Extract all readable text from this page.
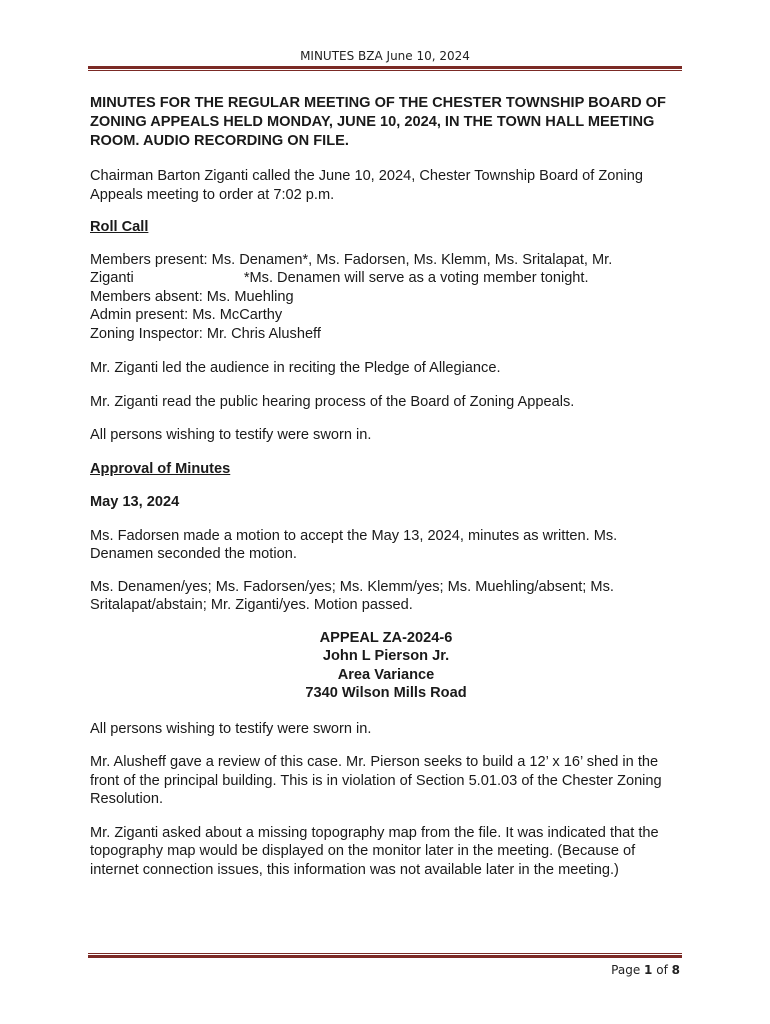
MINUTES BZA June 10, 2024

MINUTES FOR THE REGULAR MEETING OF THE CHESTER TOWNSHIP BOARD OF ZONING APPEALS HELD MONDAY, JUNE 10, 2024, IN THE TOWN HALL MEETING ROOM. AUDIO RECORDING ON FILE.

Chairman Barton Ziganti called the June 10, 2024, Chester Township Board of Zoning Appeals meeting to order at 7:02 p.m.

Roll Call

Members present: Ms. Denamen*, Ms. Fadorsen, Ms. Klemm, Ms. Sritalapat, Mr.

Ziganti	*Ms. Denamen will serve as a voting member tonight.

Members absent: Ms. Muehling

Admin present: Ms. McCarthy

Zoning Inspector: Mr. Chris Alusheff

Mr. Ziganti led the audience in reciting the Pledge of Allegiance.

Mr. Ziganti read the public hearing process of the Board of Zoning Appeals.

All persons wishing to testify were sworn in.

Approval of Minutes

May 13, 2024

Ms. Fadorsen made a motion to accept the May 13, 2024, minutes as written. Ms. Denamen seconded the motion.

Ms. Denamen/yes; Ms. Fadorsen/yes; Ms. Klemm/yes; Ms. Muehling/absent; Ms. Sritalapat/abstain; Mr. Ziganti/yes. Motion passed.

APPEAL ZA-2024-6

John L Pierson Jr.

Area Variance

7340 Wilson Mills Road

All persons wishing to testify were sworn in.

Mr. Alusheff gave a review of this case. Mr. Pierson seeks to build a 12’ x 16’ shed in the front of the principal building. This is in violation of Section 5.01.03 of the Chester Zoning Resolution.

Mr. Ziganti asked about a missing topography map from the file. It was indicated that the topography map would be displayed on the monitor later in the meeting. (Because of internet connection issues, this information was not available later in the meeting.)

Page 1 of 8
